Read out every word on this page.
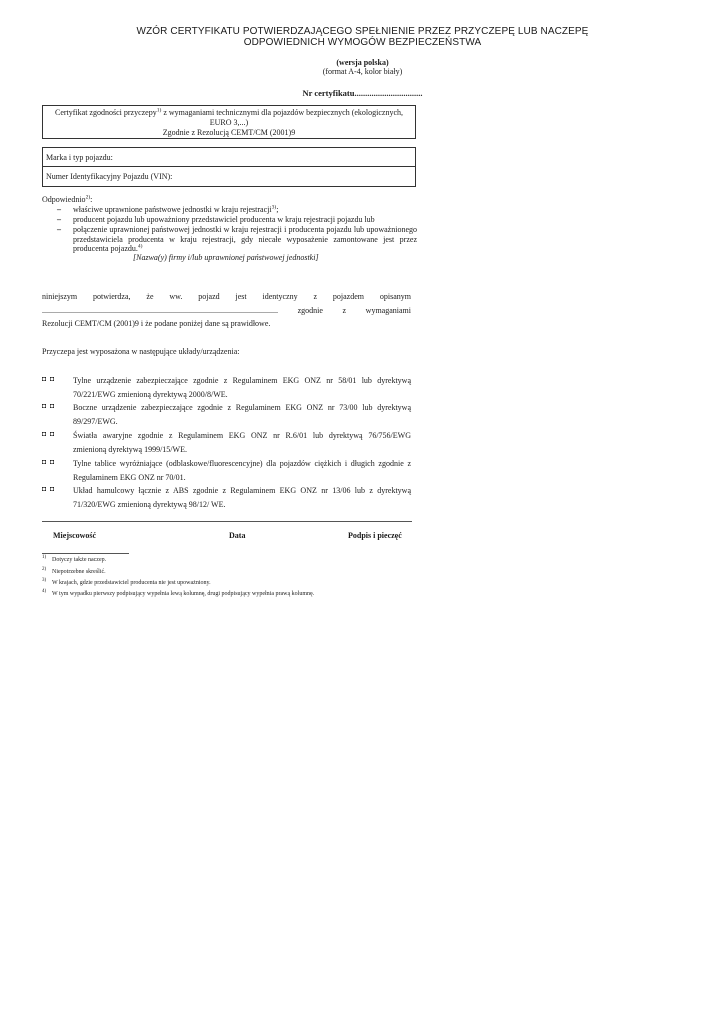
WZÓR CERTYFIKATU POTWIERDZAJĄCEGO SPEŁNIENIE PRZEZ PRZYCZEPĘ LUB NACZEPĘ
ODPOWIEDNICH WYMOGÓW BEZPIECZEŃSTWA
(wersja polska)
(format A-4, kolor biały)
Nr certyfikatu................................
Certyfikat zgodności przyczepy$^{1)}$ z wymaganiami technicznymi dla pojazdów bezpiecznych (ekologicznych,
EURO 3,...)
Zgodnie z Rezolucją CEMT/CM (2001)9
Marka i typ pojazdu:
Numer Identyfikacyjny Pojazdu (VIN):
Odpowiednio$^{2)}$:
– właściwe uprawnione państwowe jednostki w kraju rejestracji$^{3)}$;
– producent pojazdu lub upoważniony przedstawiciel producenta w kraju rejestracji pojazdu lub
– połączenie uprawnionej państwowej jednostki w kraju rejestracji i producenta pojazdu lub upoważnionego przedstawiciela producenta w kraju rejestracji, gdy niecałe wyposażenie zamontowane jest przez producenta pojazdu.$^{4)}$
[Nazwa(y) firmy i/lub uprawnionej państwowej jednostki]
niniejszym potwierdza, że ww. pojazd jest identyczny z pojazdem opisanym
...................................................................................................................... zgodnie z wymaganiami
Rezolucji CEMT/CM (2001)9 i że podane poniżej dane są prawidłowe.
Przyczepa jest wyposażona w następujące układy/urządzenia:
◘ ◘	Tylne urządzenie zabezpieczające zgodnie z Regulaminem EKG ONZ nr 58/01 lub dyrektywą
70/221/EWG zmienioną dyrektywą 2000/8/WE.
◘ ◘	Boczne urządzenie zabezpieczające zgodnie z Regulaminem EKG ONZ nr 73/00 lub dyrektywą
89/297/EWG.
◘ ◘	Światła awaryjne zgodnie z Regulaminem EKG ONZ nr R.6/01 lub dyrektywą 76/756/EWG
zmienioną dyrektywą 1999/15/WE.
◘ ◘	Tylne tablice wyróżniające (odblaskowe/fluorescencyjne) dla pojazdów ciężkich i długich zgodnie z
Regulaminem EKG ONZ nr 70/01.
◘ ◘	Układ hamulcowy łącznie z ABS zgodnie z Regulaminem EKG ONZ nr 13/06 lub z dyrektywą
71/320/EWG zmienioną dyrektywą 98/12/ WE.
Miejscowość	Data	Podpis i pieczęć
1) Dotyczy także naczep.
2) Niepotrzebne skreślić.
3) W krajach, gdzie przedstawiciel producenta nie jest upoważniony.
4) W tym wypadku pierwszy podpisujący wypełnia lewą kolumnę, drugi podpisujący wypełnia prawą kolumnę.
